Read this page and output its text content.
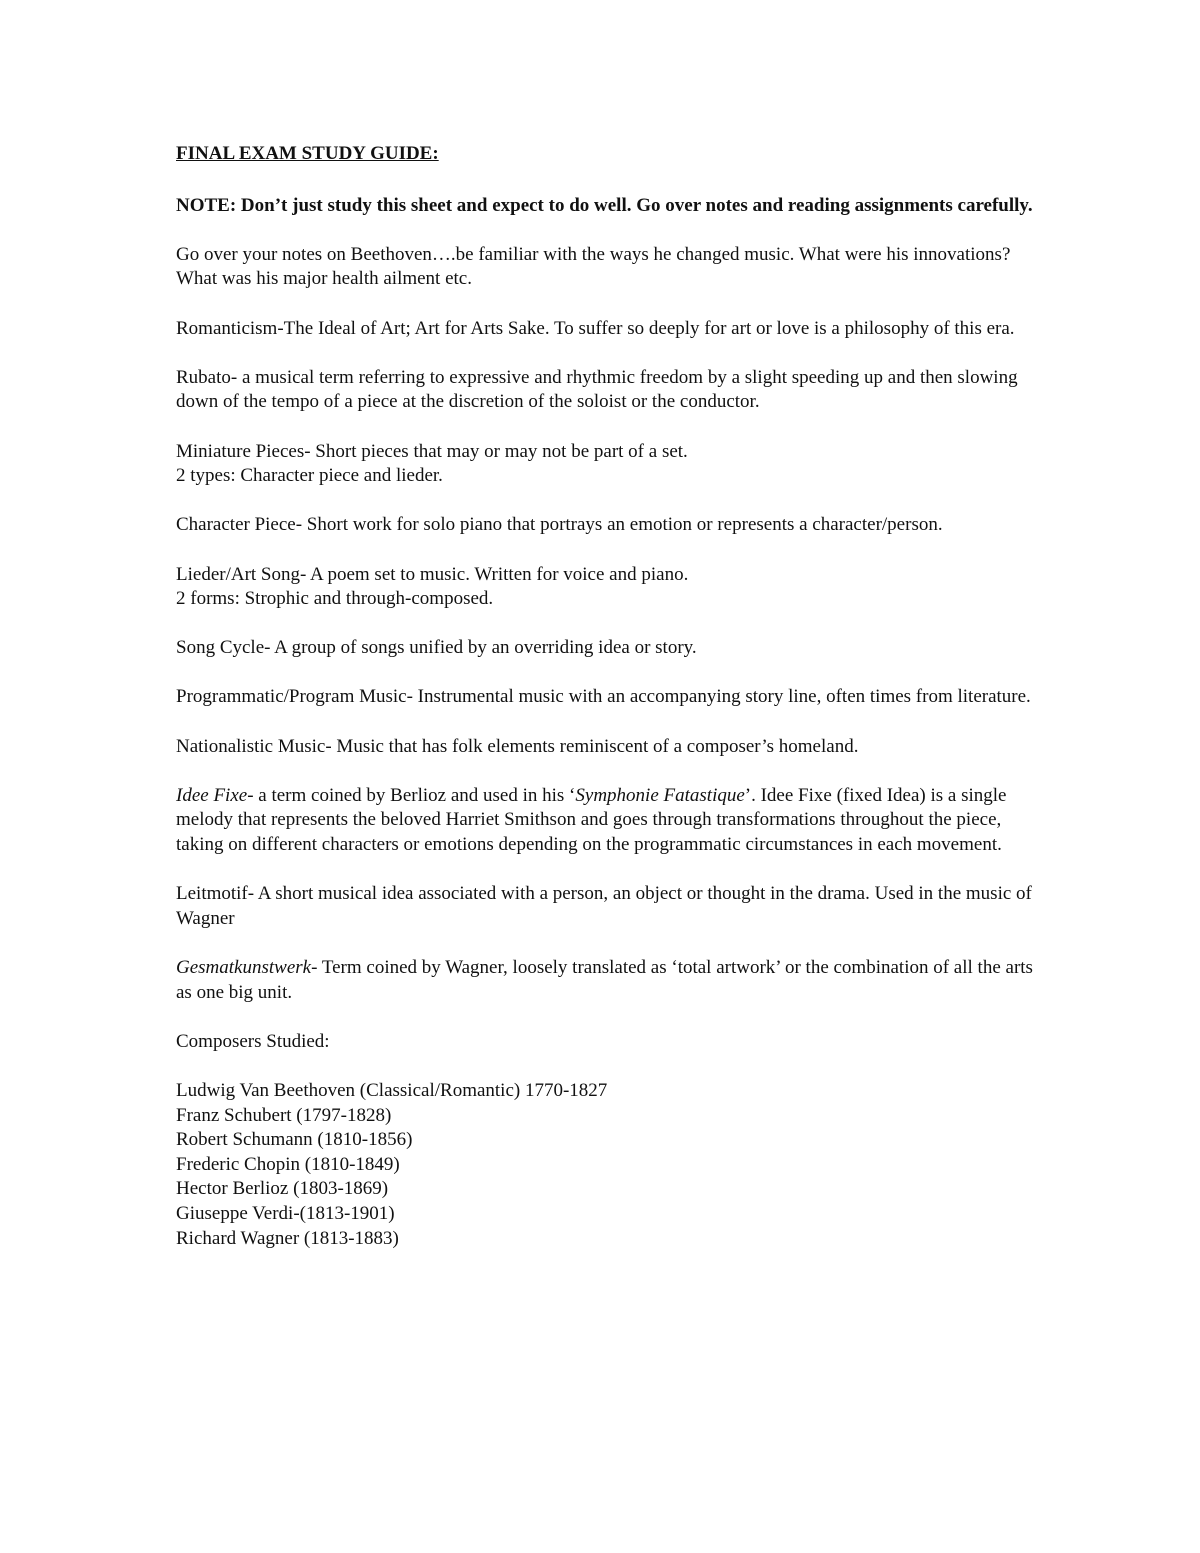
FINAL EXAM STUDY GUIDE:

NOTE: Don’t just study this sheet and expect to do well. Go over notes and reading assignments carefully.

Go over your notes on Beethoven….be familiar with the ways he changed music. What were his innovations? What was his major health ailment etc.

Romanticism-The Ideal of Art; Art for Arts Sake. To suffer so deeply for art or love is a philosophy of this era.

Rubato- a musical term referring to expressive and rhythmic freedom by a slight speeding up and then slowing down of the tempo of a piece at the discretion of the soloist or the conductor.

Miniature Pieces- Short pieces that may or may not be part of a set.
2 types: Character piece and lieder.

Character Piece- Short work for solo piano that portrays an emotion or represents a character/person.

Lieder/Art Song- A poem set to music. Written for voice and piano.
2 forms: Strophic and through-composed.

Song Cycle- A group of songs unified by an overriding idea or story.

Programmatic/Program Music- Instrumental music with an accompanying story line, often times from literature.

Nationalistic Music- Music that has folk elements reminiscent of a composer’s homeland.

Idee Fixe- a term coined by Berlioz and used in his ‘Symphonie Fatastique’. Idee Fixe (fixed Idea) is a single melody that represents the beloved Harriet Smithson and goes through transformations throughout the piece, taking on different characters or emotions depending on the programmatic circumstances in each movement.

Leitmotif- A short musical idea associated with a person, an object or thought in the drama. Used in the music of Wagner

Gesmatkunstwerk- Term coined by Wagner, loosely translated as ‘total artwork’ or the combination of all the arts as one big unit.

Composers Studied:

Ludwig Van Beethoven (Classical/Romantic) 1770-1827

Franz Schubert (1797-1828)

Robert Schumann (1810-1856)

Frederic Chopin (1810-1849)

Hector Berlioz (1803-1869)

Giuseppe Verdi-(1813-1901)

Richard Wagner (1813-1883)
